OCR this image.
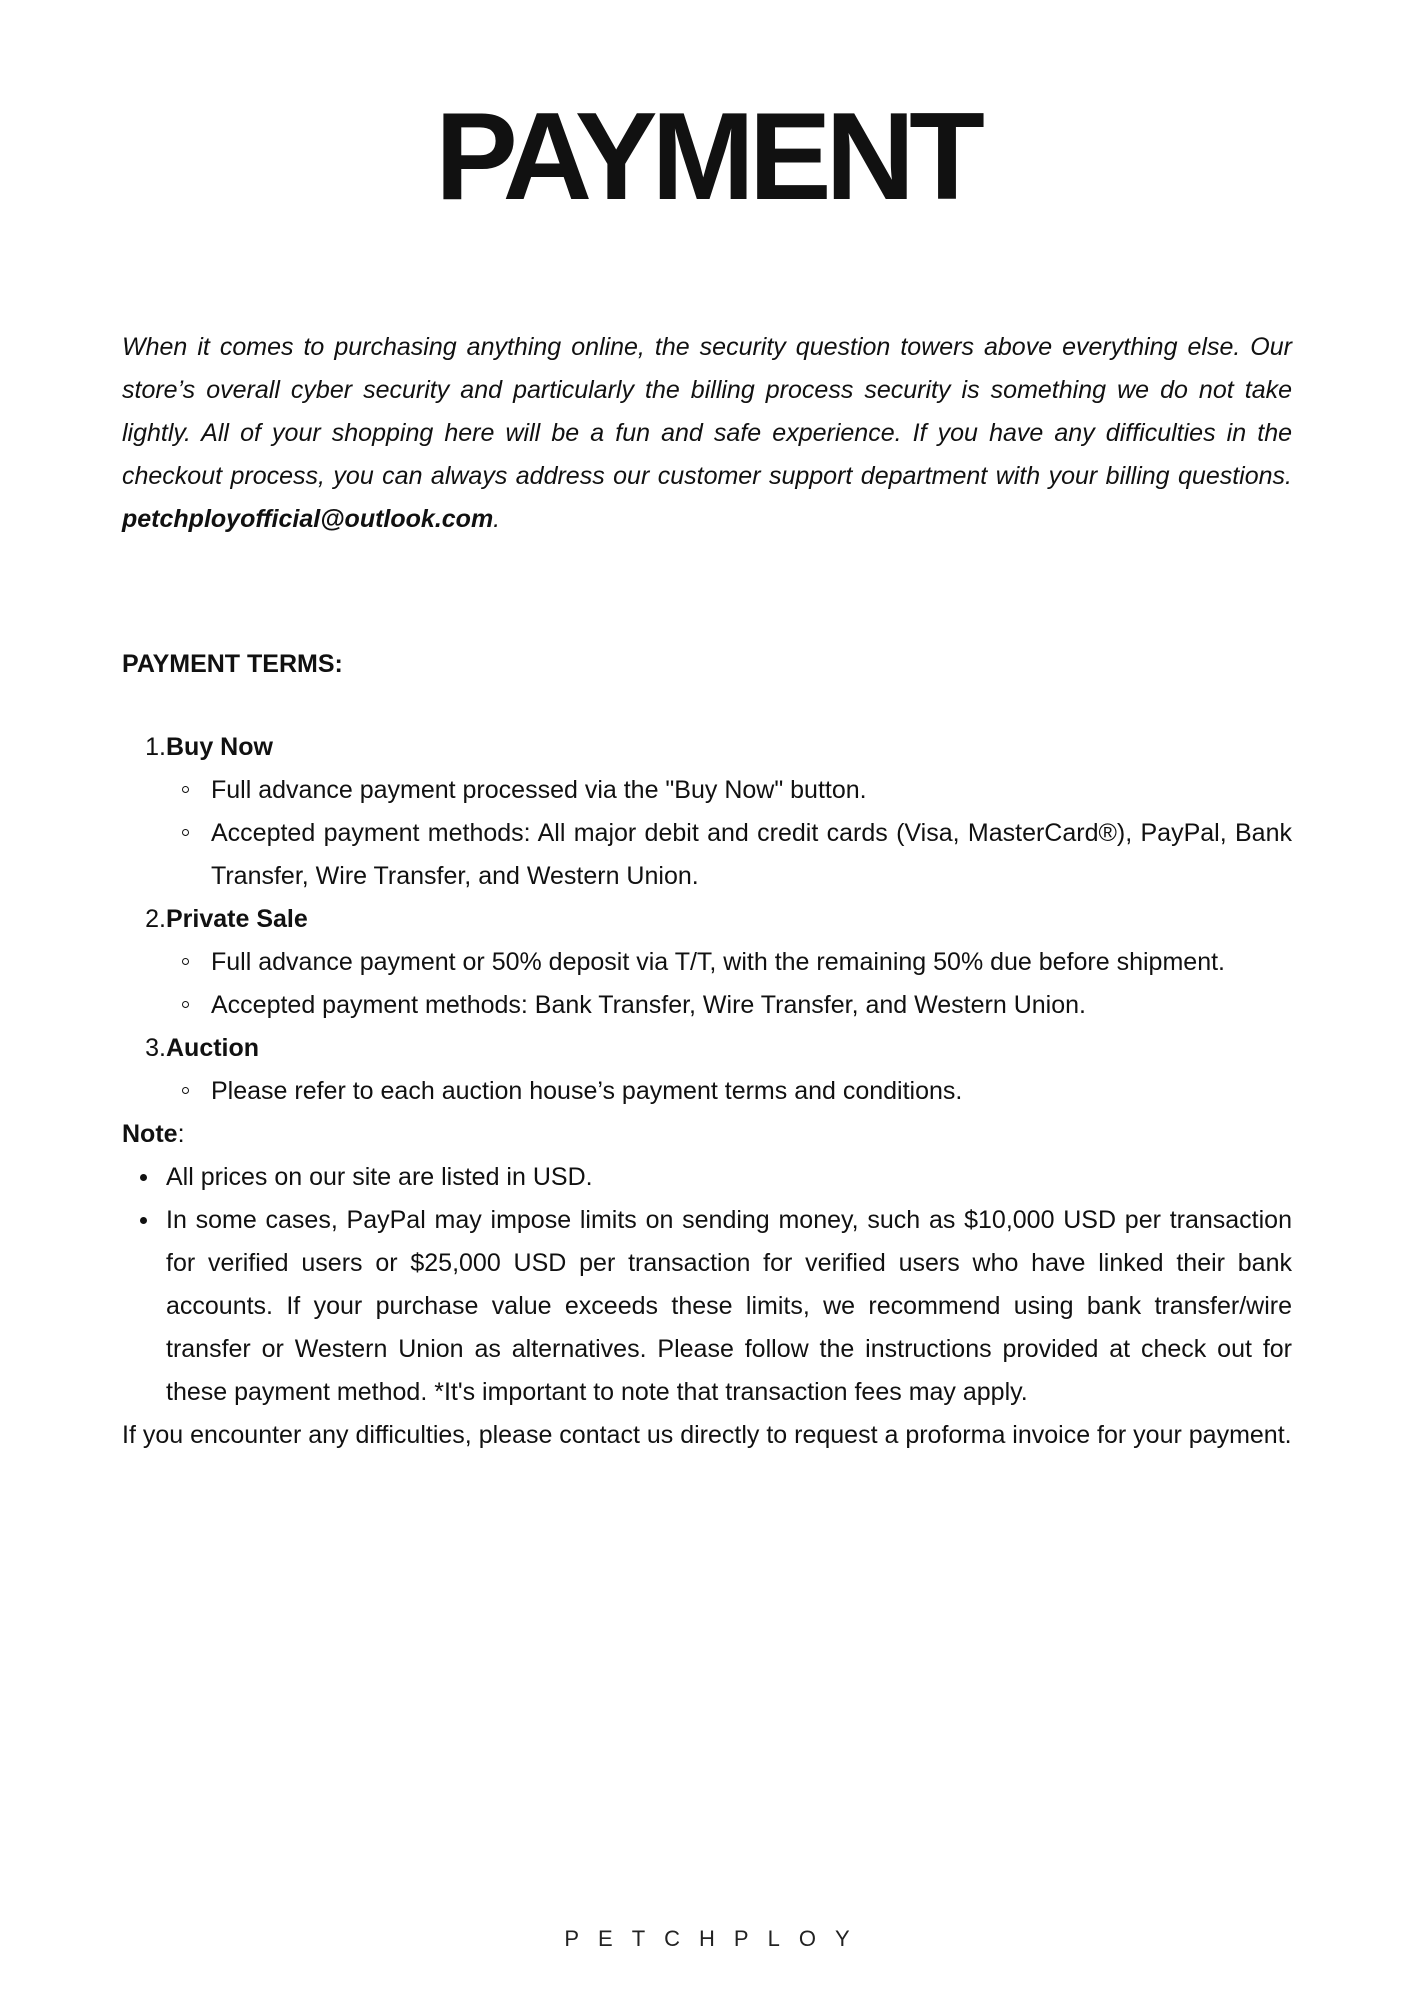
PAYMENT

When it comes to purchasing anything online, the security question towers above everything else. Our store’s overall cyber security and particularly the billing process security is something we do not take lightly. All of your shopping here will be a fun and safe experience. If you have any difficulties in the checkout process, you can always address our customer support department with your billing questions. petchployofficial@outlook.com.

PAYMENT TERMS:
1. Buy Now
Full advance payment processed via the "Buy Now" button.
Accepted payment methods: All major debit and credit cards (Visa, MasterCard®), PayPal, Bank Transfer, Wire Transfer, and Western Union.
2. Private Sale
Full advance payment or 50% deposit via T/T, with the remaining 50% due before shipment.
Accepted payment methods: Bank Transfer, Wire Transfer, and Western Union.
3. Auction
Please refer to each auction house’s payment terms and conditions.

Note:

All prices on our site are listed in USD.
In some cases, PayPal may impose limits on sending money, such as $10,000 USD per transaction for verified users or $25,000 USD per transaction for verified users who have linked their bank accounts. If your purchase value exceeds these limits, we recommend using bank transfer/wire transfer or Western Union as alternatives. Please follow the instructions provided at check out for these payment method. *It's important to note that transaction fees may apply.

If you encounter any difficulties, please contact us directly to request a proforma invoice for your payment.

PETCHPLOY
